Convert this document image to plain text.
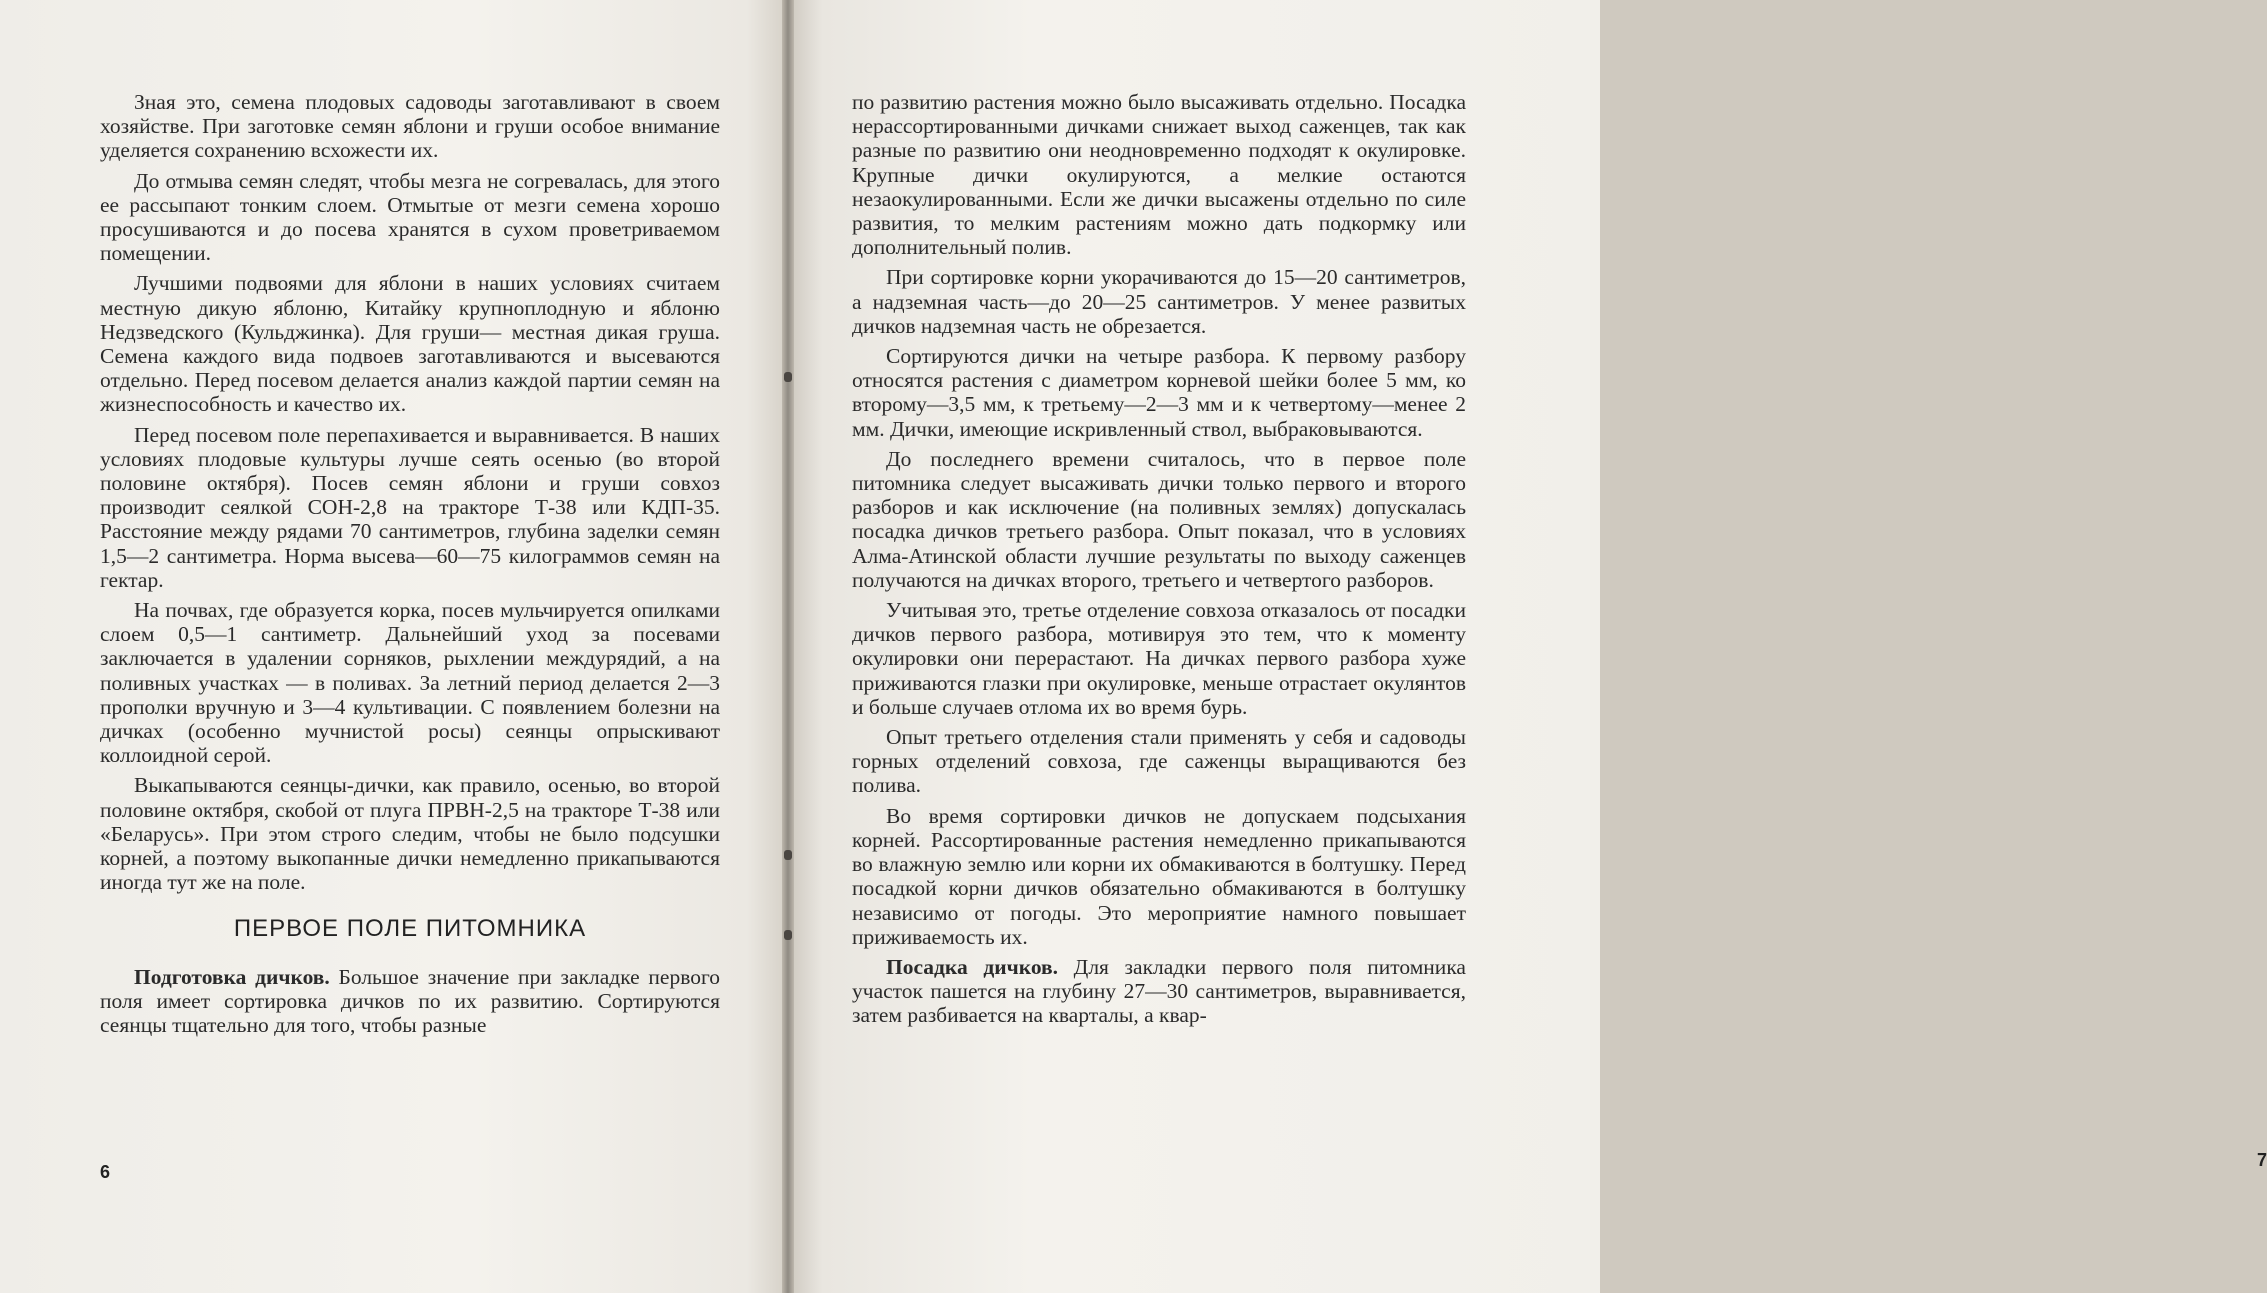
Зная это, семена плодовых садоводы заготавливают в своем хозяйстве. При заготовке семян яблони и груши особое внимание уделяется сохранению всхожести их.

До отмыва семян следят, чтобы мезга не согревалась, для этого ее рассыпают тонким слоем. Отмытые от мезги семена хорошо просушиваются и до посева хранятся в сухом проветриваемом помещении.

Лучшими подвоями для яблони в наших условиях считаем местную дикую яблоню, Китайку крупноплодную и яблоню Недзведского (Кульджинка). Для груши— местная дикая груша. Семена каждого вида подвоев заготавливаются и высеваются отдельно. Перед посевом делается анализ каждой партии семян на жизнеспособность и качество их.

Перед посевом поле перепахивается и выравнивается. В наших условиях плодовые культуры лучше сеять осенью (во второй половине октября). Посев семян яблони и груши совхоз производит сеялкой СОН-2,8 на тракторе Т-38 или КДП-35. Расстояние между рядами 70 сантиметров, глубина заделки семян 1,5—2 сантиметра. Норма высева—60—75 килограммов семян на гектар.

На почвах, где образуется корка, посев мульчируется опилками слоем 0,5—1 сантиметр. Дальнейший уход за посевами заключается в удалении сорняков, рыхлении междурядий, а на поливных участках — в поливах. За летний период делается 2—3 прополки вручную и 3—4 культивации. С появлением болезни на дичках (особенно мучнистой росы) сеянцы опрыскивают коллоидной серой.

Выкапываются сеянцы-дички, как правило, осенью, во второй половине октября, скобой от плуга ПРВН-2,5 на тракторе Т-38 или «Беларусь». При этом строго следим, чтобы не было подсушки корней, а поэтому выкопанные дички немедленно прикапываются иногда тут же на поле.

ПЕРВОЕ ПОЛЕ ПИТОМНИКА

Подготовка дичков. Большое значение при закладке первого поля имеет сортировка дичков по их развитию. Сортируются сеянцы тщательно для того, чтобы разные

6
7

по развитию растения можно было высаживать отдельно. Посадка нерассортированными дичками снижает выход саженцев, так как разные по развитию они неодновременно подходят к окулировке. Крупные дички окулируются, а мелкие остаются незаокулированными. Если же дички высажены отдельно по силе развития, то мелким растениям можно дать подкормку или дополнительный полив.

При сортировке корни укорачиваются до 15—20 сантиметров, а надземная часть—до 20—25 сантиметров. У менее развитых дичков надземная часть не обрезается.

Сортируются дички на четыре разбора. К первому разбору относятся растения с диаметром корневой шейки более 5 мм, ко второму—3,5 мм, к третьему—2—3 мм и к четвертому—менее 2 мм. Дички, имеющие искривленный ствол, выбраковываются.

До последнего времени считалось, что в первое поле питомника следует высаживать дички только первого и второго разборов и как исключение (на поливных землях) допускалась посадка дичков третьего разбора. Опыт показал, что в условиях Алма-Атинской области лучшие результаты по выходу саженцев получаются на дичках второго, третьего и четвертого разборов.

Учитывая это, третье отделение совхоза отказалось от посадки дичков первого разбора, мотивируя это тем, что к моменту окулировки они перерастают. На дичках первого разбора хуже приживаются глазки при окулировке, меньше отрастает окулянтов и больше случаев отлома их во время бурь.

Опыт третьего отделения стали применять у себя и садоводы горных отделений совхоза, где саженцы выращиваются без полива.

Во время сортировки дичков не допускаем подсыхания корней. Рассортированные растения немедленно прикапываются во влажную землю или корни их обмакиваются в болтушку. Перед посадкой корни дичков обязательно обмакиваются в болтушку независимо от погоды. Это мероприятие намного повышает приживаемость их.

Посадка дичков. Для закладки первого поля питомника участок пашется на глубину 27—30 сантиметров, выравнивается, затем разбивается на кварталы, а квар-
